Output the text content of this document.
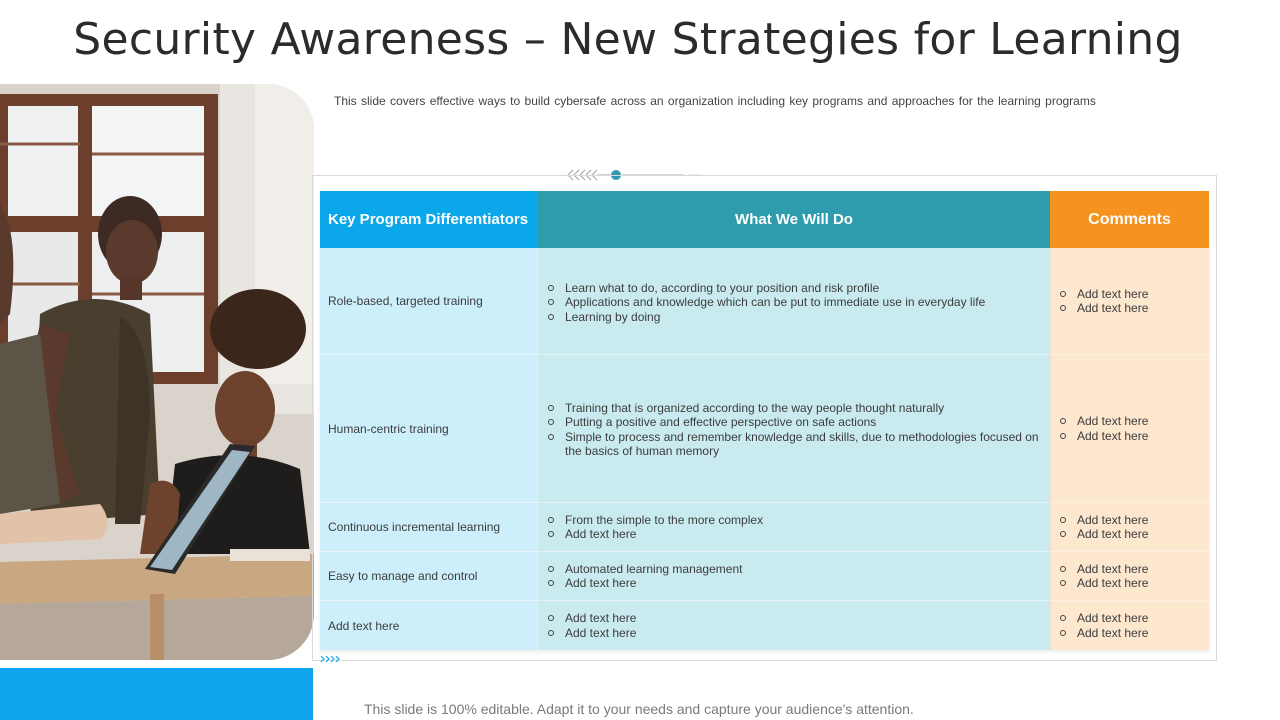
Security Awareness – New Strategies for Learning
This slide covers effective ways to build cybersafe across an organization including key programs and approaches for the learning programs
Key Program Differentiators	What We Will Do	Comments
Role-based, targeted training
Learn what to do, according to your position and risk profile
Applications and knowledge which can be put to immediate use in everyday life
Learning by doing
Add text here
Add text here
Human-centric training
Training that is organized according to the way people thought naturally
Putting a positive and effective perspective on safe actions
Simple to process and remember knowledge and skills, due to methodologies focused on the basics of human memory
Add text here
Add text here
Continuous incremental learning
From the simple to the more complex
Add text here
Add text here
Add text here
Easy to manage and control
Automated learning management
Add text here
Add text here
Add text here
Add text here
Add text here
Add text here
Add text here
Add text here
This slide is 100% editable. Adapt it to your needs and capture your audience's attention.
